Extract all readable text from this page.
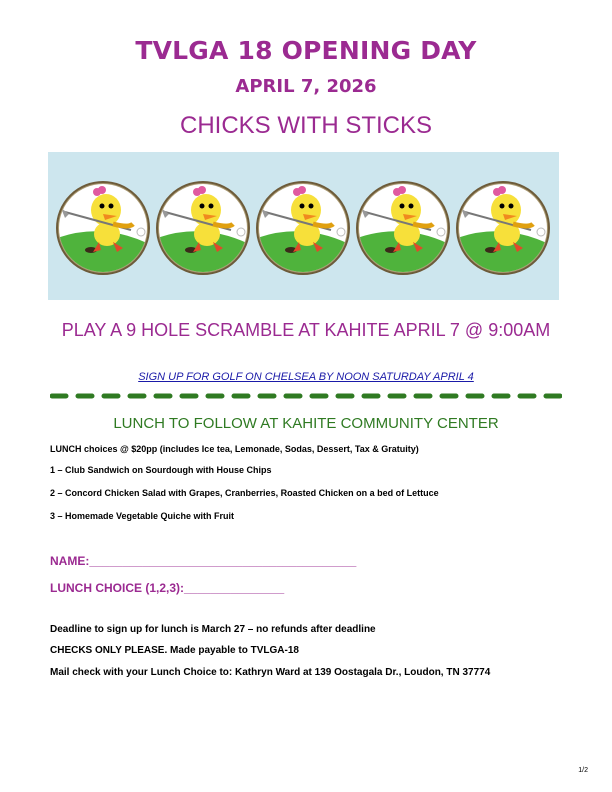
TVLGA 18 OPENING DAY
APRIL 7, 2026
CHICKS WITH STICKS
PLAY A 9 HOLE SCRAMBLE AT KAHITE APRIL 7 @ 9:00AM
SIGN UP FOR GOLF ON CHELSEA BY NOON SATURDAY APRIL 4
LUNCH TO FOLLOW AT KAHITE COMMUNITY CENTER
LUNCH choices @ $20pp (includes Ice tea, Lemonade, Sodas, Dessert, Tax & Gratuity)
1 – Club Sandwich on Sourdough with House Chips
2 – Concord Chicken Salad with Grapes, Cranberries, Roasted Chicken on a bed of Lettuce
3 – Homemade Vegetable Quiche with Fruit
NAME:________________________________________
LUNCH CHOICE (1,2,3):_______________
Deadline to sign up for lunch is March 27 – no refunds after deadline
CHECKS ONLY PLEASE. Made payable to TVLGA-18
Mail check with your Lunch Choice to: Kathryn Ward at 139 Oostagala Dr., Loudon, TN 37774
1/2
